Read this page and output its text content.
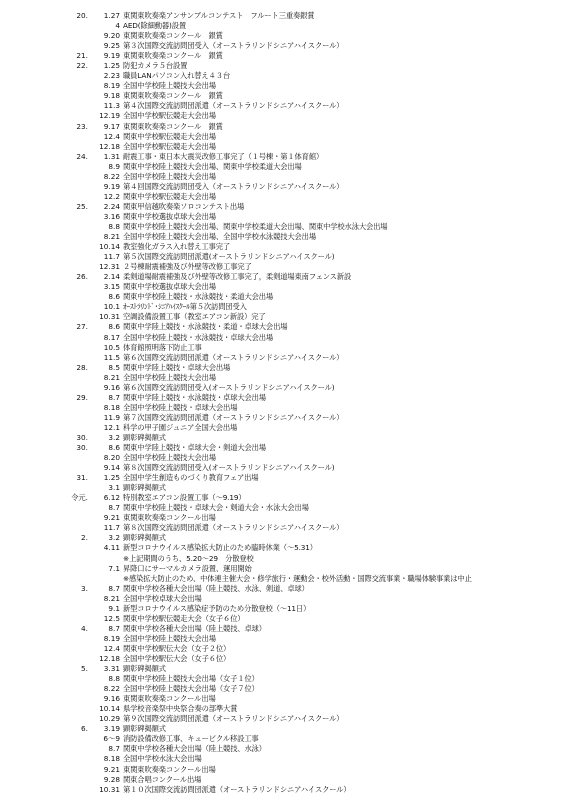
20.	1.27 東関東吹奏楽アンサンブルコンテスト　フルート三重奏銀賞
4 AED(除細動器)設置
9.20 東関東吹奏楽コンクール　銀賞
9.25 第３次国際交流訪問団受入（オーストラリンドシニアハイスクール）
21.	9.19 東関東吹奏楽コンクール　銀賞
22.	1.25 防犯カメラ５台設置
2.23 職員LANパソコン入れ替え４３台
8.19 全国中学校陸上競技大会出場
9.18 東関東吹奏楽コンクール　銀賞
11.3 第４次国際交流訪問団派遣（オーストラリンドシニアハイスクール）
12.19 全国中学校駅伝競走大会出場
23.	9.17 東関東吹奏楽コンクール　銀賞
12.4 関東中学校駅伝競走大会出場
12.18 全国中学校駅伝競走大会出場
24.	1.31 耐震工事・東日本大震災改修工事完了（１号棟・第１体育館）
8.9 関東中学校陸上競技大会出場、関東中学校柔道大会出場
8.22 全国中学校陸上競技大会出場
9.19 第４回国際交流訪問団受入（オーストラリンドシニアハイスクール）
12.2 関東中学校駅伝競走大会出場
25.	2.24 関東甲信越吹奏楽ソロコンテスト出場
3.16 関東中学校選抜卓球大会出場
8.8 関東中学校陸上競技大会出場、関東中学校柔道大会出場、関東中学校水泳大会出場
8.21 全国中学校陸上競技大会出場、全国中学校水泳競技大会出場
10.14 教室強化ガラス入れ替え工事完了
11.7 第５次国際交流訪問団派遣(オーストラリンドシニアハイスクール)
12.31 ２号棟耐震補強及び外壁等改修工事完了
26.	2.14 柔剣道場耐震補強及び外壁等改修工事完了，柔剣道場東南フェンス新設
3.15 関東中学校選抜卓球大会出場
8.6 関東中学校陸上競技・水泳競技・柔道大会出場
10.1 ｵｰｽﾄﾗﾘﾝﾄﾞ･ｼﾆｱﾊｲｽｸｰﾙ第５次訪問団受入
10.31 空調設備設置工事（教室エアコン新設）完了
27.	8.6 関東中学陸上競技・水泳競技・柔道・卓球大会出場
8.17 全国中学校陸上競技・水泳競技・卓球大会出場
10.5 体育館照明落下防止工事
11.5 第６次国際交流訪問団派遣（オーストラリンドシニアハイスクール）
28.	8.5 関東中学陸上競技・卓球大会出場
8.21 全国中学校陸上競技大会出場
9.16 第６次国際交流訪問団受入(オーストラリンドシニアハイスクール)
29.	8.7 関東中学陸上競技・水泳競技・卓球大会出場
8.18 全国中学校陸上競技・卓球大会出場
11.9 第７次国際交流訪問団派遣（オーストラリンドシニアハイスクール）
12.1 科学の甲子園ジュニア全国大会出場
30.	3.2 顕彰碑掲額式
30.	8.6 関東中学陸上競技・卓球大会・剣道大会出場
8.20 全国中学校陸上競技大会出場
9.14 第８次国際交流訪問団受入(オーストラリンドシニアハイスクール)
31.	1.25 全国中学生創造ものづくり教育フェア出場
3.1 顕彰碑掲額式
令元.	6.12 特別教室エアコン設置工事（～9.19）
8.7 関東中学校陸上競技・卓球大会・剣道大会・水泳大会出場
9.21 東関東吹奏楽コンクール出場
11.7 第８次国際交流訪問団派遣（オーストラリンドシニアハイスクール）
2.	3.2 顕彰碑掲額式
4.11 新型コロナウイルス感染拡大防止のため臨時休業（～5.31）
※上記期間のうち、5.20～29　分散登校
7.1 昇降口にサーマルカメラ設置、運用開始
※感染拡大防止のため、中体連主催大会・修学旅行・運動会・校外活動・国際交流事業・職場体験事業は中止
3.	8.7 関東中学校各種大会出場（陸上競技、水泳、剣道、卓球）
8.21 全国中学校卓球大会出場
9.1 新型コロナウイルス感染症予防のため分散登校（～11日）
12.5 関東中学校駅伝競走大会（女子６位）
4.	8.7 関東中学校各種大会出場（陸上競技、卓球）
8.19 全国中学校陸上競技大会出場
12.4 関東中学校駅伝大会（女子２位）
12.18 全国中学校駅伝大会（女子６位）
5.	3.31 顕彰碑掲額式
8.8 関東中学校陸上競技大会出場（女子１位）
8.22 全国中学校陸上競技大会出場（女子７位）
9.16 東関東吹奏楽コンクール出場
10.14 県学校音楽祭中央祭合奏の部準大賞
10.29 第９次国際交流訪問団派遣（オーストラリンドシニアハイスクール）
6.	3.19 顕彰碑掲額式
6～9 消防設備改修工事、キュービクル移設工事
8.7 関東中学校各種大会出場（陸上競技、水泳）
8.18 全国中学校水泳大会出場
9.21 東関東吹奏楽コンクール出場
9.28 関東合唱コンクール出場
10.31 第１０次国際交流訪問団派遣（オーストラリンドシニアハイスクール）
